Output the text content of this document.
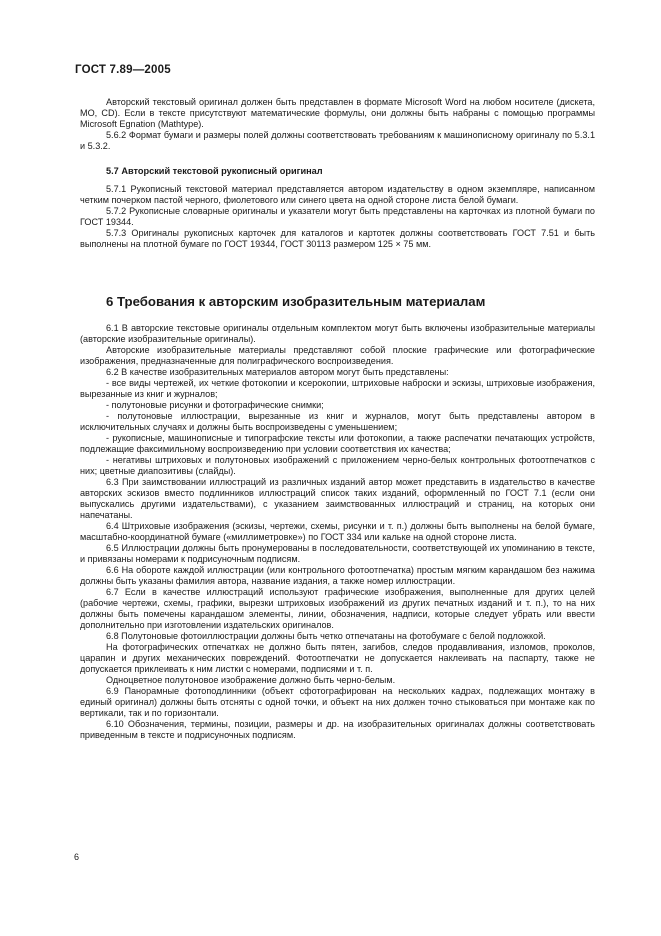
ГОСТ 7.89—2005

Авторский текстовый оригинал должен быть представлен в формате Microsoft Word на любом носителе (дискета, МО, CD). Если в тексте присутствуют математические формулы, они должны быть набраны с помощью программы Microsoft Egnation (Mathtype).

5.6.2 Формат бумаги и размеры полей должны соответствовать требованиям к машинописному оригиналу по 5.3.1 и 5.3.2.

5.7 Авторский текстовой рукописный оригинал

5.7.1 Рукописный текстовой материал представляется автором издательству в одном экземпляре, написанном четким почерком пастой черного, фиолетового или синего цвета на одной стороне листа белой бумаги.

5.7.2 Рукописные словарные оригиналы и указатели могут быть представлены на карточках из плотной бумаги по ГОСТ 19344.

5.7.3 Оригиналы рукописных карточек для каталогов и картотек должны соответствовать ГОСТ 7.51 и быть выполнены на плотной бумаге по ГОСТ 19344, ГОСТ 30113 размером 125 × 75 мм.

6 Требования к авторским изобразительным материалам

6.1 В авторские текстовые оригиналы отдельным комплектом могут быть включены изобразительные материалы (авторские изобразительные оригиналы).

Авторские изобразительные материалы представляют собой плоские графические или фотографические изображения, предназначенные для полиграфического воспроизведения.

6.2 В качестве изобразительных материалов автором могут быть представлены:

- все виды чертежей, их четкие фотокопии и ксерокопии, штриховые наброски и эскизы, штриховые изображения, вырезанные из книг и журналов;

- полутоновые рисунки и фотографические снимки;

- полутоновые иллюстрации, вырезанные из книг и журналов, могут быть представлены автором в исключительных случаях и должны быть воспроизведены с уменьшением;

- рукописные, машинописные и типографские тексты или фотокопии, а также распечатки печатающих устройств, подлежащие факсимильному воспроизведению при условии соответствия их качества;

- негативы штриховых и полутоновых изображений с приложением черно-белых контрольных фотоотпечатков с них; цветные диапозитивы (слайды).

6.3 При заимствовании иллюстраций из различных изданий автор может представить в издательство в качестве авторских эскизов вместо подлинников иллюстраций список таких изданий, оформленный по ГОСТ 7.1 (если они выпускались другими издательствами), с указанием заимствованных иллюстраций и страниц, на которых они напечатаны.

6.4 Штриховые изображения (эскизы, чертежи, схемы, рисунки и т. п.) должны быть выполнены на белой бумаге, масштабно-координатной бумаге («миллиметровке») по ГОСТ 334 или кальке на одной стороне листа.

6.5 Иллюстрации должны быть пронумерованы в последовательности, соответствующей их упоминанию в тексте, и привязаны номерами к подрисуночным подписям.

6.6 На обороте каждой иллюстрации (или контрольного фотоотпечатка) простым мягким карандашом без нажима должны быть указаны фамилия автора, название издания, а также номер иллюстрации.

6.7 Если в качестве иллюстраций используют графические изображения, выполненные для других целей (рабочие чертежи, схемы, графики, вырезки штриховых изображений из других печатных изданий и т. п.), то на них должны быть помечены карандашом элементы, линии, обозначения, надписи, которые следует убрать или ввести дополнительно при изготовлении издательских оригиналов.

6.8 Полутоновые фотоиллюстрации должны быть четко отпечатаны на фотобумаге с белой подложкой.

На фотографических отпечатках не должно быть пятен, загибов, следов продавливания, изломов, проколов, царапин и других механических повреждений. Фотоотпечатки не допускается наклеивать на паспарту, также не допускается приклеивать к ним листки с номерами, подписями и т. п.

Одноцветное полутоновое изображение должно быть черно-белым.

6.9 Панорамные фотоподлинники (объект сфотографирован на нескольких кадрах, подлежащих монтажу в единый оригинал) должны быть отсняты с одной точки, и объект на них должен точно стыковаться при монтаже как по вертикали, так и по горизонтали.

6.10 Обозначения, термины, позиции, размеры и др. на изобразительных оригиналах должны соответствовать приведенным в тексте и подрисуночных подписям.

6
